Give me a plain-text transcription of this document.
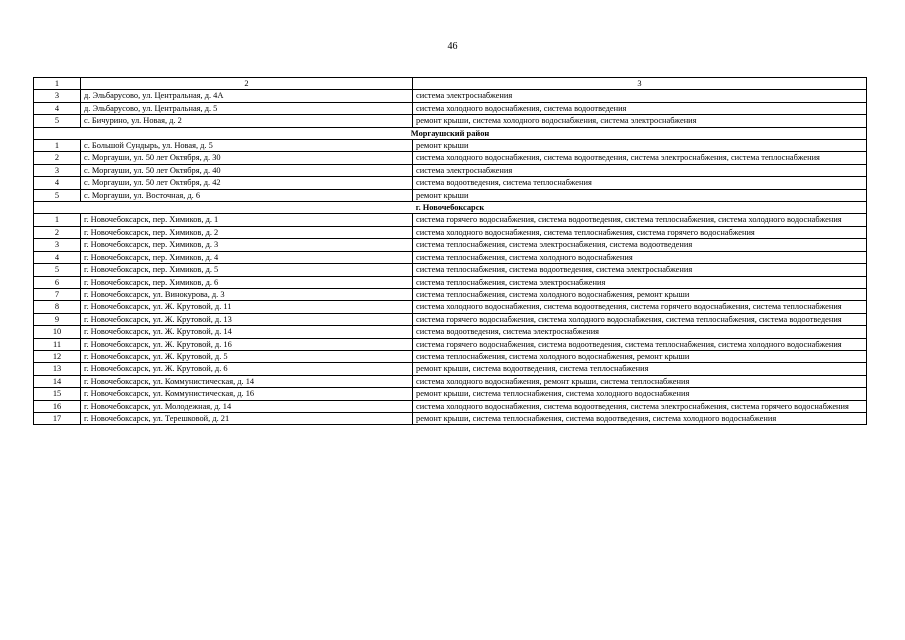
46
1	2	3
3	д. Эльбарусово, ул. Центральная, д. 4А	система электроснабжения
4	д. Эльбарусово, ул. Центральная, д. 5	система холодного водоснабжения, система водоотведения
5	с. Бичурино, ул. Новая, д. 2	ремонт крыши, система холодного водоснабжения, система электроснабжения
Моргаушский район		
1	с. Большой Сундырь, ул. Новая, д. 5	ремонт крыши
2	с. Моргауши, ул. 50 лет Октября, д. 30	система холодного водоснабжения, система водоотведения, система электроснабжения, система теплоснабжения
3	с. Моргауши, ул. 50 лет Октября, д. 40	система электроснабжения
4	с. Моргауши, ул. 50 лет Октября, д. 42	система водоотведения, система теплоснабжения
5	с. Моргауши, ул. Восточная, д. 6	ремонт крыши
г. Новочебоксарск		
1	г. Новочебоксарск, пер. Химиков, д. 1	система горячего водоснабжения, система водоотведения, система теплоснабжения, система холодного водоснабжения
2	г. Новочебоксарск, пер. Химиков, д. 2	система холодного водоснабжения, система теплоснабжения, система горячего водоснабжения
3	г. Новочебоксарск, пер. Химиков, д. 3	система теплоснабжения, система электроснабжения, система водоотведения
4	г. Новочебоксарск, пер. Химиков, д. 4	система теплоснабжения, система холодного водоснабжения
5	г. Новочебоксарск, пер. Химиков, д. 5	система теплоснабжения, система водоотведения, система электроснабжения
6	г. Новочебоксарск, пер. Химиков, д. 6	система теплоснабжения, система электроснабжения
7	г. Новочебоксарск, ул. Винокурова, д. 3	система теплоснабжения, система холодного водоснабжения, ремонт крыши
8	г. Новочебоксарск, ул. Ж. Крутовой, д. 11	система холодного водоснабжения, система водоотведения, система горячего водоснабжения, система теплоснабжения
9	г. Новочебоксарск, ул. Ж. Крутовой, д. 13	система горячего водоснабжения, система холодного водоснабжения, система теплоснабжения, система водоотведения
10	г. Новочебоксарск, ул. Ж. Крутовой, д. 14	система водоотведения, система электроснабжения
11	г. Новочебоксарск, ул. Ж. Крутовой, д. 16	система горячего водоснабжения, система водоотведения, система теплоснабжения, система холодного водоснабжения
12	г. Новочебоксарск, ул. Ж. Крутовой, д. 5	система теплоснабжения, система холодного водоснабжения, ремонт крыши
13	г. Новочебоксарск, ул. Ж. Крутовой, д. 6	ремонт крыши, система водоотведения, система теплоснабжения
14	г. Новочебоксарск, ул. Коммунистическая, д. 14	система холодного водоснабжения, ремонт крыши, система теплоснабжения
15	г. Новочебоксарск, ул. Коммунистическая, д. 16	ремонт крыши, система теплоснабжения, система холодного водоснабжения
16	г. Новочебоксарск, ул. Молодежная, д. 14	система холодного водоснабжения, система водоотведения, система электроснабжения, система горячего водоснабжения
17	г. Новочебоксарск, ул. Терешковой, д. 21	ремонт крыши, система теплоснабжения, система водоотведения, система холодного водоснабжения
